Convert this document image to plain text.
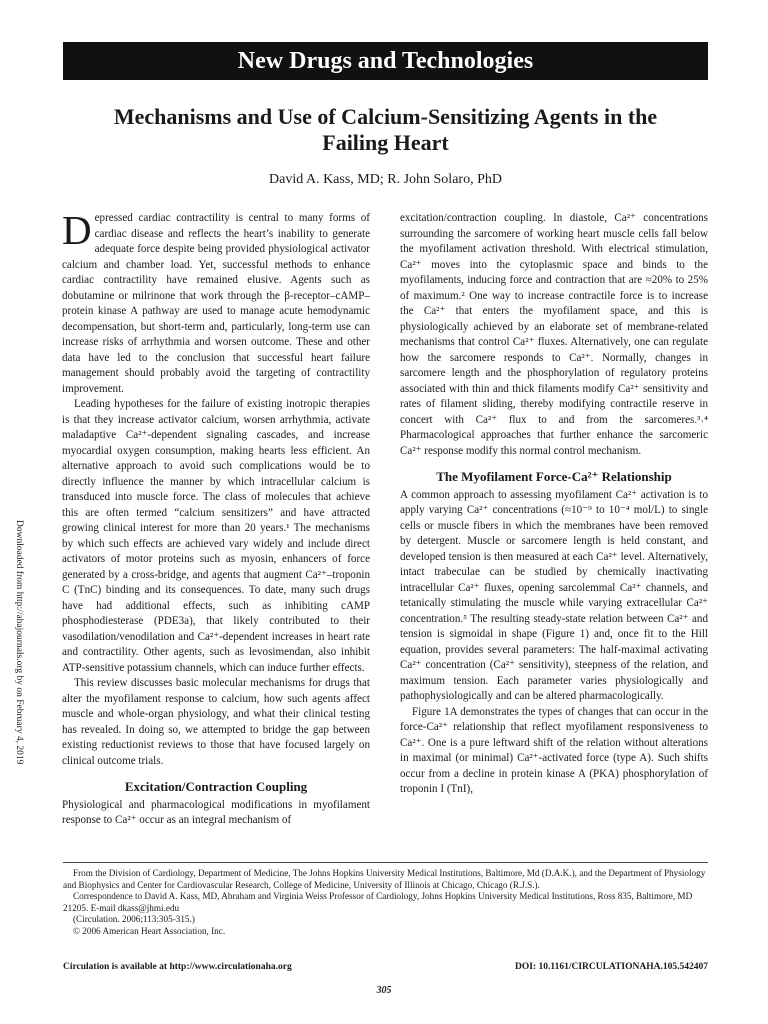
New Drugs and Technologies
Mechanisms and Use of Calcium-Sensitizing Agents in the
Failing Heart
David A. Kass, MD; R. John Solaro, PhD
Downloaded from http://ahajournals.org by on February 4, 2019

Depressed cardiac contractility is central to many forms of cardiac disease and reflects the heart’s inability to generate adequate force despite being provided physiological activator calcium and chamber load. Yet, successful methods to enhance cardiac contractility have remained elusive. Agents such as dobutamine or milrinone that work through the β-receptor–cAMP–protein kinase A pathway are used to manage acute hemodynamic decompensation, but short-term and, particularly, long-term use can increase risks of arrhythmia and worsen outcome. These and other data have led to the conclusion that successful heart failure management should probably avoid the targeting of contractility improvement.

Leading hypotheses for the failure of existing inotropic therapies is that they increase activator calcium, worsen arrhythmia, activate maladaptive Ca²⁺-dependent signaling cascades, and increase myocardial oxygen consumption, making hearts less efficient. An alternative approach to avoid such complications would be to directly influence the manner by which intracellular calcium is transduced into muscle force. The class of molecules that achieve this are often termed “calcium sensitizers” and have attracted growing clinical interest for more than 20 years.¹ The mechanisms by which such effects are achieved vary widely and include direct activators of motor proteins such as myosin, enhancers of force generated by a cross-bridge, and agents that augment Ca²⁺–troponin C (TnC) binding and its consequences. To date, many such drugs have had additional effects, such as inhibiting cAMP phosphodiesterase (PDE3a), that likely contributed to their vasodilation/venodilation and Ca²⁺-dependent increases in heart rate and contractility. Other agents, such as levosimendan, also inhibit ATP-sensitive potassium channels, which can induce further effects.

This review discusses basic molecular mechanisms for drugs that alter the myofilament response to calcium, how such agents affect muscle and whole-organ physiology, and what their clinical testing has revealed. In doing so, we attempted to bridge the gap between existing reductionist reviews to those that have focused largely on clinical outcome trials.

Excitation/Contraction Coupling

Physiological and pharmacological modifications in myofilament response to Ca²⁺ occur as an integral mechanism of

excitation/contraction coupling. In diastole, Ca²⁺ concentrations surrounding the sarcomere of working heart muscle cells fall below the myofilament activation threshold. With electrical stimulation, Ca²⁺ moves into the cytoplasmic space and binds to the myofilaments, inducing force and contraction that are ≈20% to 25% of maximum.² One way to increase contractile force is to increase the Ca²⁺ that enters the myofilament space, and this is physiologically achieved by an elaborate set of membrane-related mechanisms that control Ca²⁺ fluxes. Alternatively, one can regulate how the sarcomere responds to Ca²⁺. Normally, changes in sarcomere length and the phosphorylation of regulatory proteins associated with thin and thick filaments modify Ca²⁺ sensitivity and rates of filament sliding, thereby modifying contractile reserve in concert with Ca²⁺ flux to and from the sarcomeres.³˒⁴ Pharmacological approaches that further enhance the sarcomeric Ca²⁺ response modify this normal control mechanism.

The Myofilament Force-Ca²⁺ Relationship

A common approach to assessing myofilament Ca²⁺ activation is to apply varying Ca²⁺ concentrations (≈10⁻⁹ to 10⁻⁴ mol/L) to single cells or muscle fibers in which the membranes have been removed by detergent. Muscle or sarcomere length is held constant, and developed tension is then measured at each Ca²⁺ level. Alternatively, intact trabeculae can be studied by chemically inactivating intracellular Ca²⁺ fluxes, opening sarcolemmal Ca²⁺ channels, and tetanically stimulating the muscle while varying extracellular Ca²⁺ concentration.⁵ The resulting steady-state relation between Ca²⁺ and tension is sigmoidal in shape (Figure 1) and, once fit to the Hill equation, provides several parameters: The half-maximal activating Ca²⁺ concentration (Ca²⁺ sensitivity), steepness of the relation, and maximum tension. Each parameter varies physiologically and pathophysiologically and can be altered pharmacologically.

Figure 1A demonstrates the types of changes that can occur in the force-Ca²⁺ relationship that reflect myofilament responsiveness to Ca²⁺. One is a pure leftward shift of the relation without alterations in maximal (or minimal) Ca²⁺-activated force (type A). Such shifts occur from a decline in protein kinase A (PKA) phosphorylation of troponin I (TnI),

From the Division of Cardiology, Department of Medicine, The Johns Hopkins University Medical Institutions, Baltimore, Md (D.A.K.), and the Department of Physiology and Biophysics and Center for Cardiovascular Research, College of Medicine, University of Illinois at Chicago, Chicago (R.J.S.).

Correspondence to David A. Kass, MD, Abraham and Virginia Weiss Professor of Cardiology, Johns Hopkins University Medical Institutions, Ross 835, Baltimore, MD 21205. E-mail dkass@jhmi.edu

(Circulation. 2006;113:305-315.)

© 2006 American Heart Association, Inc.

Circulation is available at http://www.circulationaha.org	DOI: 10.1161/CIRCULATIONAHA.105.542407
305
